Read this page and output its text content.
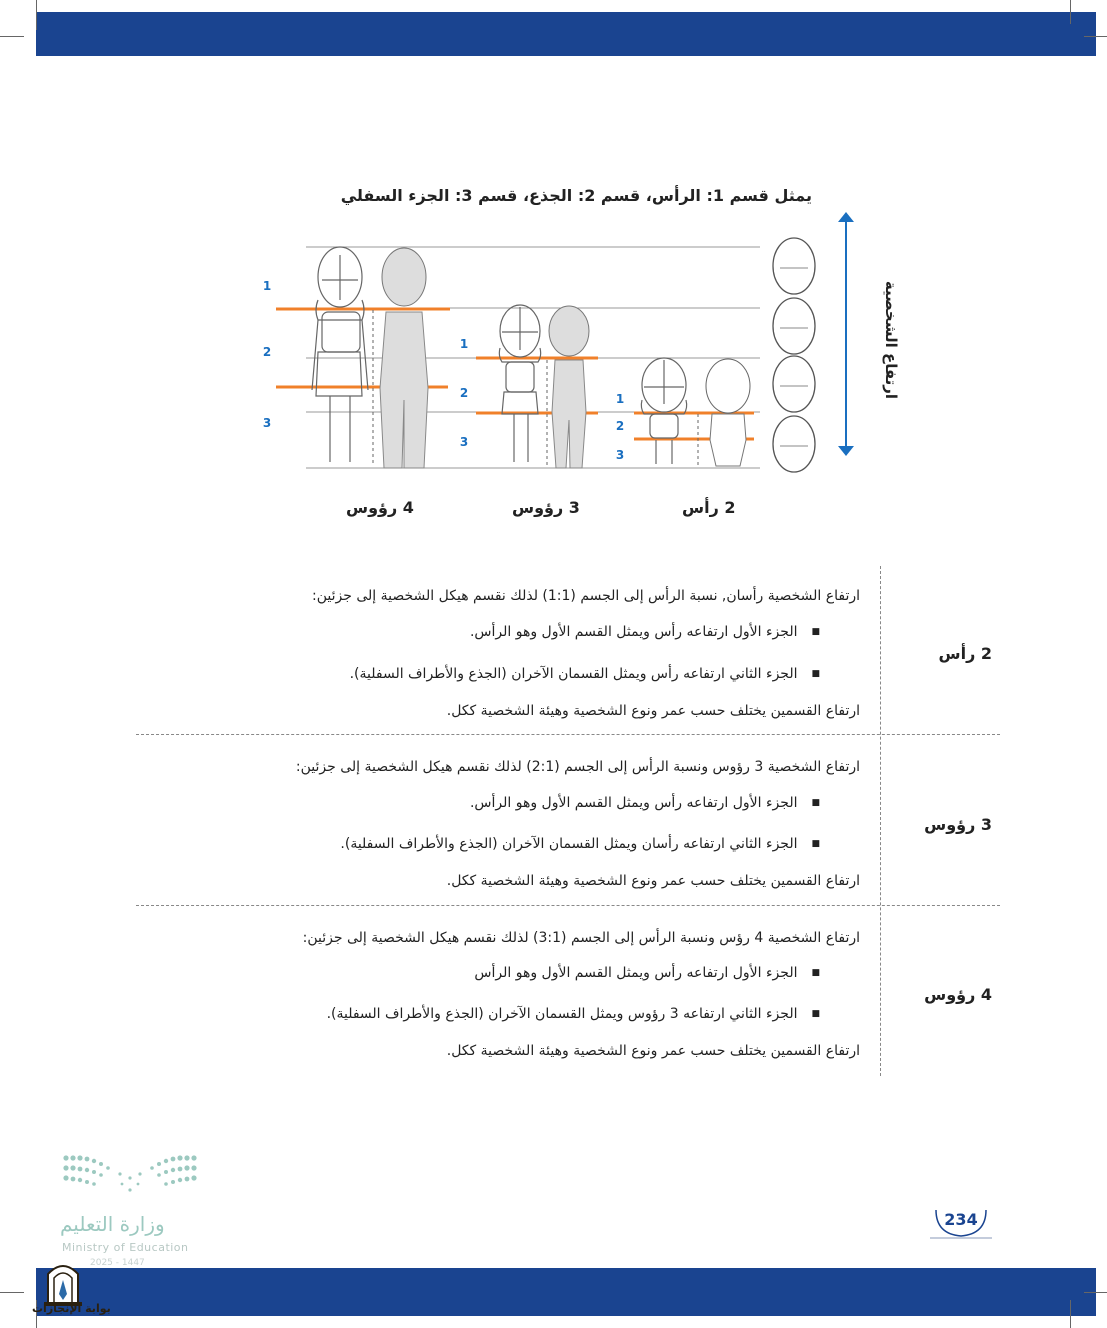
يمثل قسم 1: الرأس، قسم 2: الجذع، قسم 3: الجزء السفلي
1
2
3
1
2
3
1
2
3
ارتفاع الشخصية
4 رؤوس	3 رؤوس	2 رأس
2 رأس
ارتفاع الشخصية رأسان, نسبة الرأس إلى الجسم (1:1) لذلك نقسم هيكل الشخصية إلى جزئين:
■ الجزء الأول ارتفاعه رأس ويمثل القسم الأول وهو الرأس.
■ الجزء الثاني ارتفاعه رأس ويمثل القسمان الآخران (الجذع والأطراف السفلية).
ارتفاع القسمين يختلف حسب عمر ونوع الشخصية وهيئة الشخصية ككل.
3 رؤوس
ارتفاع الشخصية 3 رؤوس ونسبة الرأس إلى الجسم (2:1) لذلك نقسم هيكل الشخصية إلى جزئين:
■ الجزء الأول ارتفاعه رأس ويمثل القسم الأول وهو الرأس.
■ الجزء الثاني ارتفاعه رأسان ويمثل القسمان الآخران (الجذع والأطراف السفلية).
ارتفاع القسمين يختلف حسب عمر ونوع الشخصية وهيئة الشخصية ككل.
4 رؤوس
ارتفاع الشخصية 4 رؤس ونسبة الرأس إلى الجسم (3:1) لذلك نقسم هيكل الشخصية إلى جزئين:
■ الجزء الأول ارتفاعه رأس ويمثل القسم الأول وهو الرأس
■ الجزء الثاني ارتفاعه 3 رؤوس ويمثل القسمان الآخران (الجذع والأطراف السفلية).
ارتفاع القسمين يختلف حسب عمر ونوع الشخصية وهيئة الشخصية ككل.
وزارة التعليم
Ministry of Education
2025 - 1447
234
بوابة الإنجازات
